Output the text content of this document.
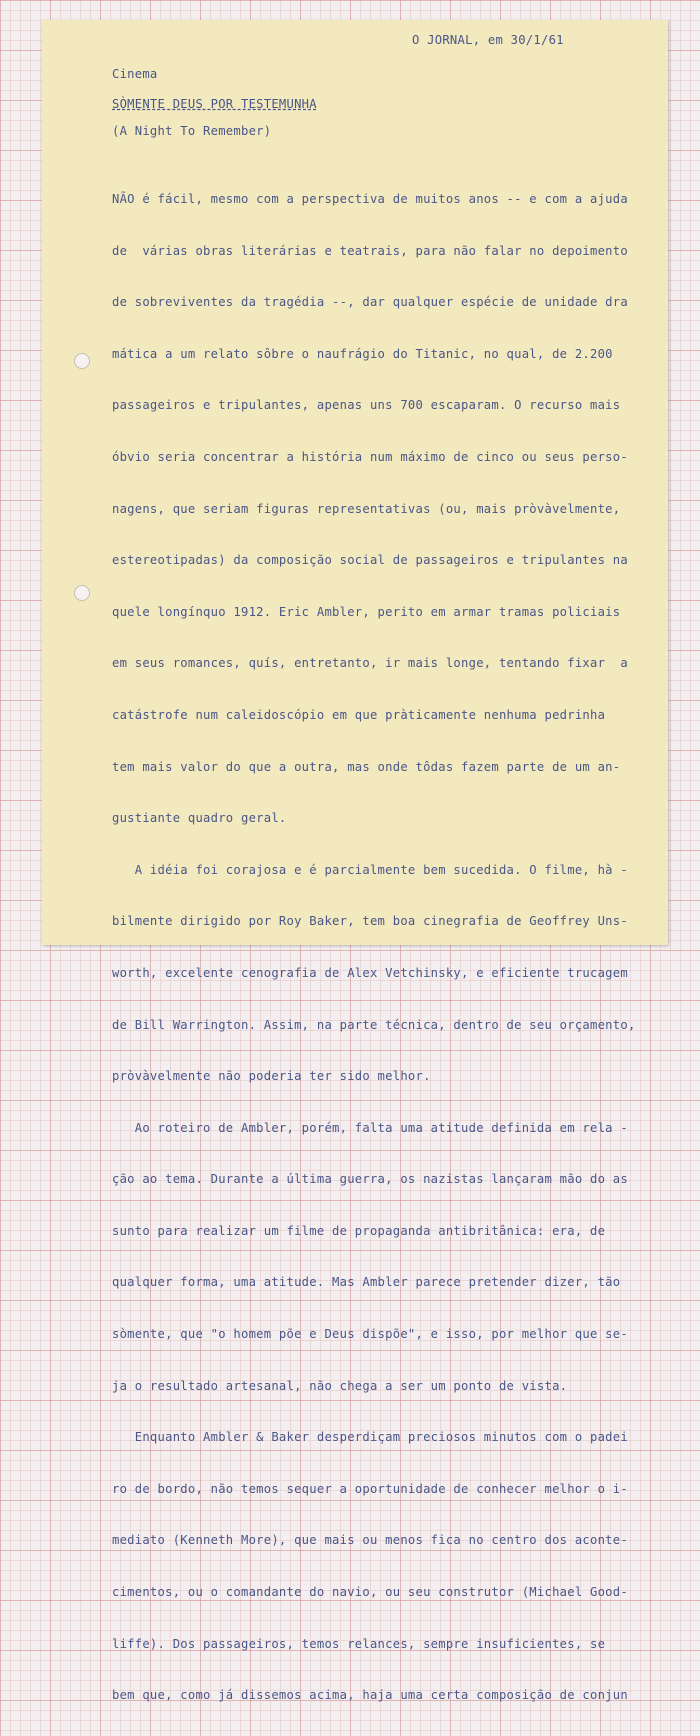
O JORNAL, em 30/1/61
Cinema
SÒMENTE DEUS POR TESTEMUNHA
(A Night To Remember)

NÃO é fácil, mesmo com a perspectiva de muitos anos -- e com a ajuda

de  várias obras literárias e teatrais, para não falar no depoimento

de sobreviventes da tragédia --, dar qualquer espécie de unidade dra

mática a um relato sôbre o naufrágio do Titanic, no qual, de 2.200

passageiros e tripulantes, apenas uns 700 escaparam. O recurso mais

óbvio seria concentrar a história num máximo de cinco ou seus perso-

nagens, que seriam figuras representativas (ou, mais pròvàvelmente,

estereotipadas) da composição social de passageiros e tripulantes na

quele longínquo 1912. Eric Ambler, perito em armar tramas policiais

em seus romances, quís, entretanto, ir mais longe, tentando fixar  a

catástrofe num caleidoscópio em que pràticamente nenhuma pedrinha

tem mais valor do que a outra, mas onde tôdas fazem parte de um an-

gustiante quadro geral.

A idéia foi corajosa e é parcialmente bem sucedida. O filme, hà -

bilmente dirigido por Roy Baker, tem boa cinegrafia de Geoffrey Uns-

worth, excelente cenografia de Alex Vetchinsky, e eficiente trucagem

de Bill Warrington. Assim, na parte técnica, dentro de seu orçamento,

pròvàvelmente não poderia ter sido melhor.

Ao roteiro de Ambler, porém, falta uma atitude definida em rela -

ção ao tema. Durante a última guerra, os nazistas lançaram mão do as

sunto para realizar um filme de propaganda antibritânica: era, de

qualquer forma, uma atitude. Mas Ambler parece pretender dizer, tão

sòmente, que "o homem põe e Deus dispõe", e isso, por melhor que se-

ja o resultado artesanal, não chega a ser um ponto de vista.

Enquanto Ambler & Baker desperdiçam preciosos minutos com o padei

ro de bordo, não temos sequer a oportunidade de conhecer melhor o i-

mediato (Kenneth More), que mais ou menos fica no centro dos aconte-

cimentos, ou o comandante do navio, ou seu construtor (Michael Good-

liffe). Dos passageiros, temos relances, sempre insuficientes, se

bem que, como já dissemos acima, haja uma certa composição de conjun
